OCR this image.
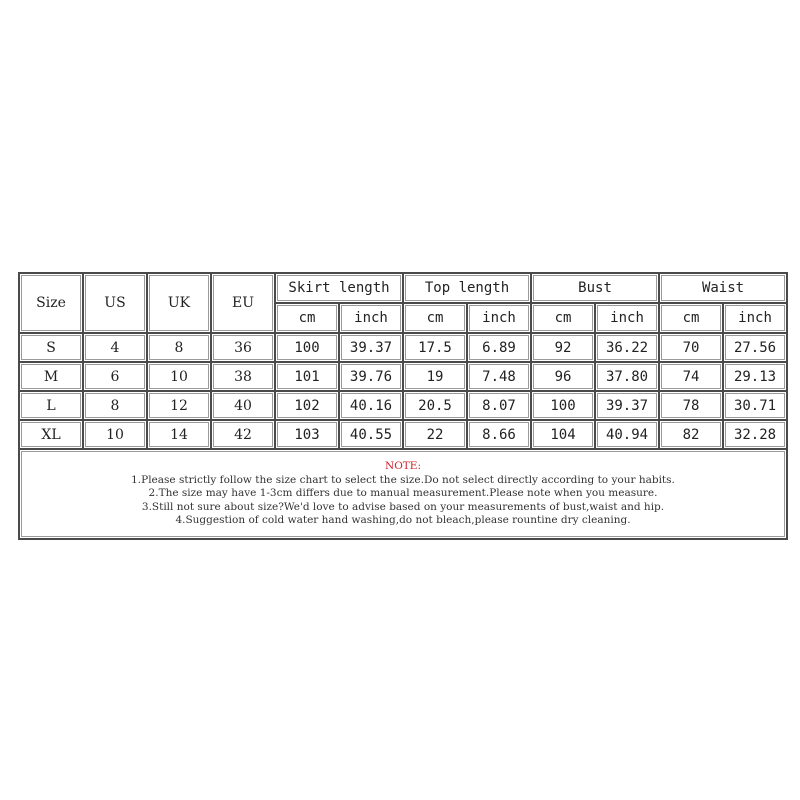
Size	US	UK	EU	Skirt length		Top length		Bust		Waist	
				cm	inch	cm	inch	cm	inch	cm	inch
S	4	8	36	100	39.37	17.5	6.89	92	36.22	70	27.56
M	6	10	38	101	39.76	19	7.48	96	37.80	74	29.13
L	8	12	40	102	40.16	20.5	8.07	100	39.37	78	30.71
XL	10	14	42	103	40.55	22	8.66	104	40.94	82	32.28

NOTE:
1.Please strictly follow the size chart to select the size.Do not select directly according to your habits.
2.The size may have 1-3cm differs due to manual measurement.Please note when you measure.
3.Still not sure about size?We'd love to advise based on your measurements of bust,waist and hip.
4.Suggestion of cold water hand washing,do not bleach,please rountine dry cleaning.											
